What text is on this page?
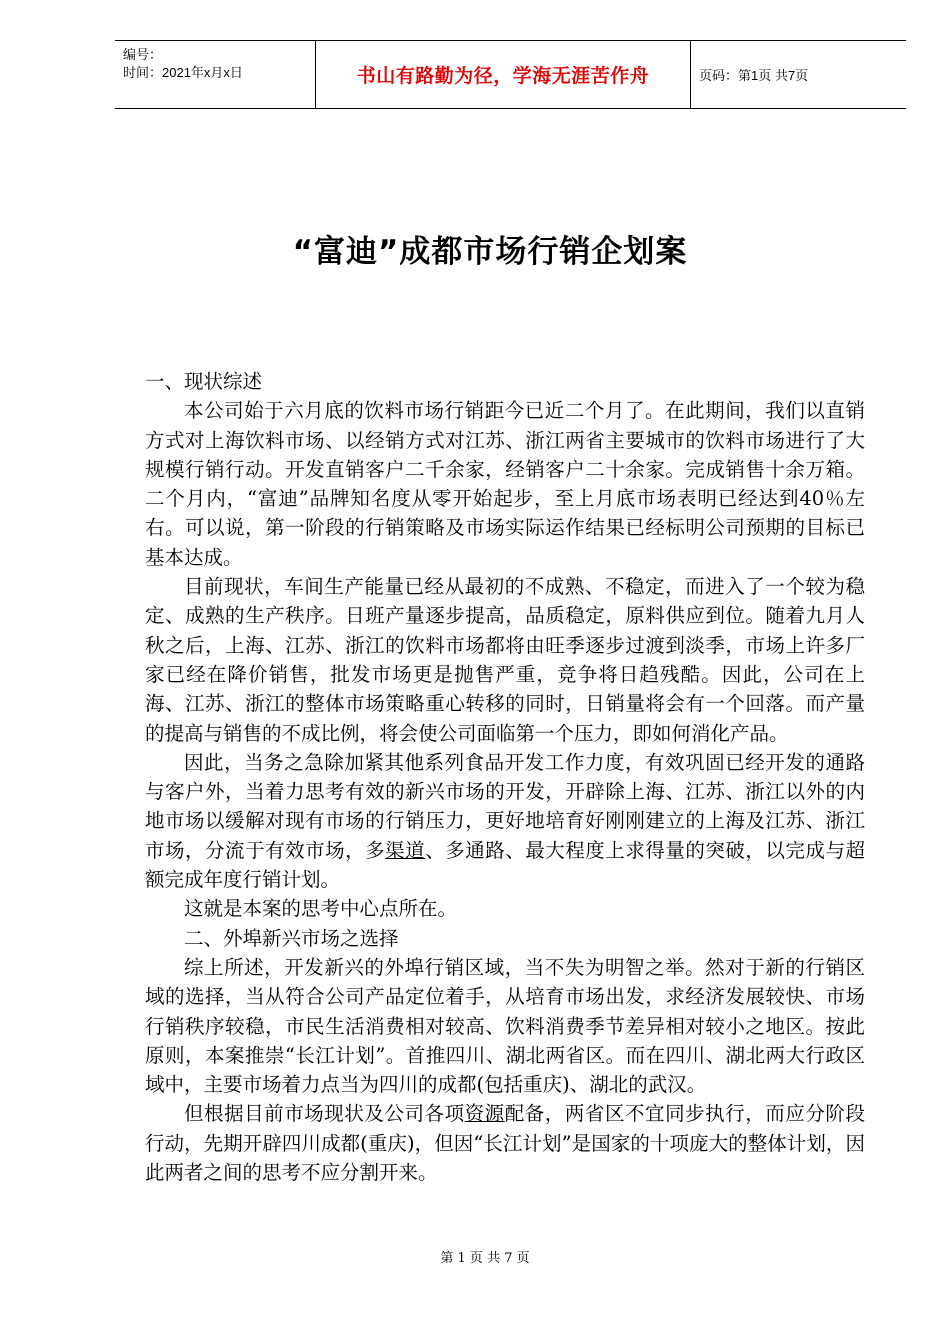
编号：
时间：2021年x月x日	书山有路勤为径，学海无涯苦作舟	页码：第1页 共7页
“富迪”成都市场行销企划案

一、现状综述

本公司始于六月底的饮料市场行销距今已近二个月了。在此期间，我们以直销方式对上海饮料市场、以经销方式对江苏、浙江两省主要城市的饮料市场进行了大规模行销行动。开发直销客户二千余家，经销客户二十余家。完成销售十余万箱。二个月内，“富迪”品牌知名度从零开始起步，至上月底市场表明已经达到40％左右。可以说，第一阶段的行销策略及市场实际运作结果已经标明公司预期的目标已基本达成。

目前现状，车间生产能量已经从最初的不成熟、不稳定，而进入了一个较为稳定、成熟的生产秩序。日班产量逐步提高，品质稳定，原料供应到位。随着九月人秋之后，上海、江苏、浙江的饮料市场都将由旺季逐步过渡到淡季，市场上许多厂家已经在降价销售，批发市场更是抛售严重，竞争将日趋残酷。因此，公司在上海、江苏、浙江的整体市场策略重心转移的同时，日销量将会有一个回落。而产量的提高与销售的不成比例，将会使公司面临第一个压力，即如何消化产品。

因此，当务之急除加紧其他系列食品开发工作力度，有效巩固已经开发的通路与客户外，当着力思考有效的新兴市场的开发，开辟除上海、江苏、浙江以外的内地市场以缓解对现有市场的行销压力，更好地培育好刚刚建立的上海及江苏、浙江市场，分流于有效市场，多渠道、多通路、最大程度上求得量的突破，以完成与超额完成年度行销计划。

这就是本案的思考中心点所在。

二、外埠新兴市场之选择

综上所述，开发新兴的外埠行销区域，当不失为明智之举。然对于新的行销区域的选择，当从符合公司产品定位着手，从培育市场出发，求经济发展较快、市场行销秩序较稳，市民生活消费相对较高、饮料消费季节差异相对较小之地区。按此原则，本案推崇“长江计划”。首推四川、湖北两省区。而在四川、湖北两大行政区域中，主要市场着力点当为四川的成都(包括重庆)、湖北的武汉。

但根据目前市场现状及公司各项资源配备，两省区不宜同步执行，而应分阶段行动，先期开辟四川成都(重庆)，但因“长江计划”是国家的十项庞大的整体计划，因此两者之间的思考不应分割开来。

第 1 页 共 7 页
